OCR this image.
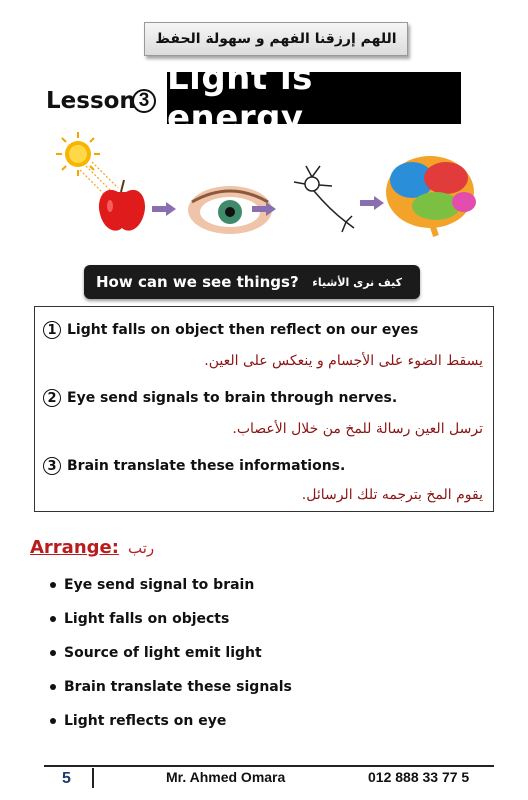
اللهم إرزقنا الفهم و سهولة الحفظ
Lesson 3
Light is energy
How can we see things? كيف نرى الأشياء
1 Light falls on object then reflect on our eyes
يسقط الضوء على الأجسام و ينعكس على العين.
2 Eye send signals to brain through nerves.
ترسل العين رسالة للمخ من خلال الأعصاب.
3 Brain translate these informations.
يقوم المخ بترجمه تلك الرسائل.
Arrange: رتب
Eye send signal to brain
Light falls on objects
Source of light emit light
Brain translate these signals
Light reflects on eye
5	Mr. Ahmed Omara	012 888 33 77 5
